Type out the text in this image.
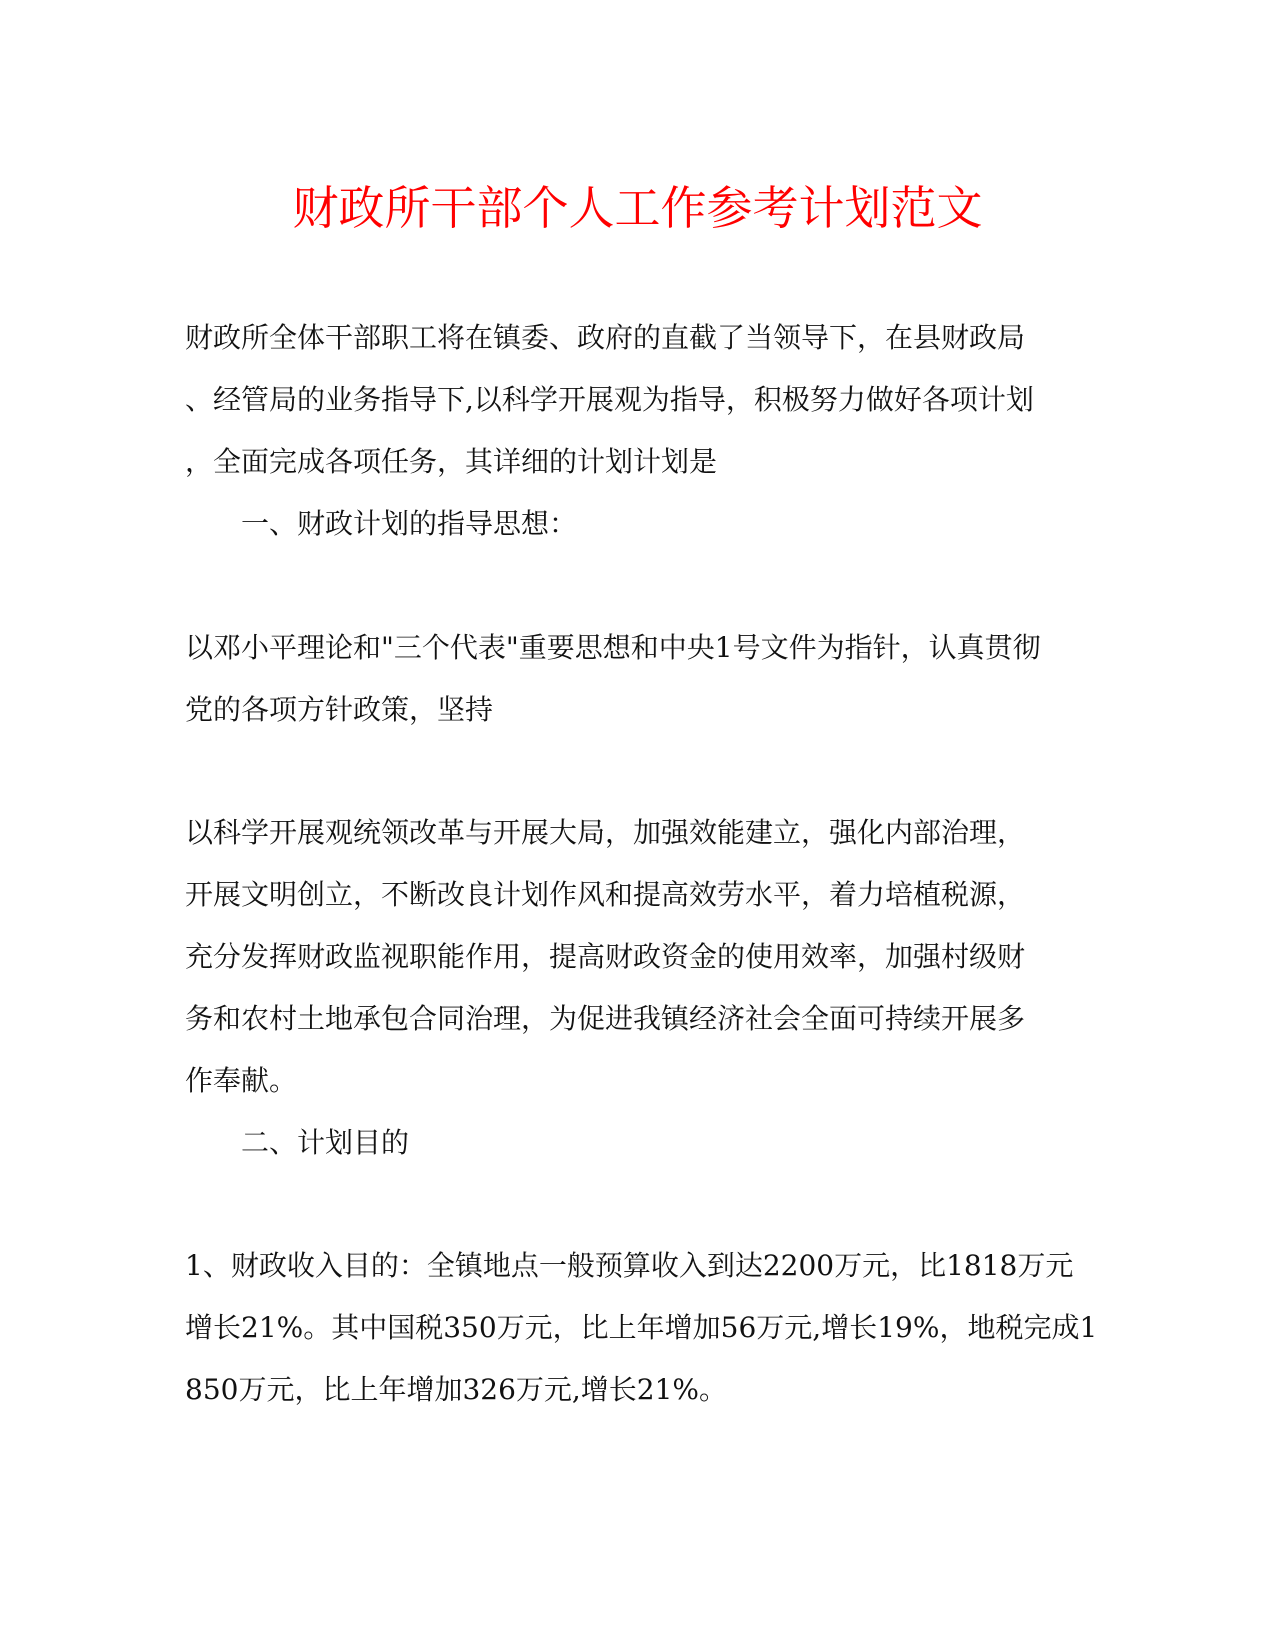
财政所干部个人工作参考计划范文
财政所全体干部职工将在镇委、政府的直截了当领导下，在县财政局
、经管局的业务指导下,以科学开展观为指导，积极努力做好各项计划
，全面完成各项任务，其详细的计划计划是
一、财政计划的指导思想：
以邓小平理论和"三个代表"重要思想和中央1号文件为指针，认真贯彻
党的各项方针政策，坚持
以科学开展观统领改革与开展大局，加强效能建立，强化内部治理，
开展文明创立，不断改良计划作风和提高效劳水平，着力培植税源，
充分发挥财政监视职能作用，提高财政资金的使用效率，加强村级财
务和农村土地承包合同治理，为促进我镇经济社会全面可持续开展多
作奉献。
二、计划目的
1、财政收入目的：全镇地点一般预算收入到达2200万元，比1818万元
增长21%。其中国税350万元，比上年增加56万元,增长19%，地税完成1
850万元，比上年增加326万元,增长21%。
